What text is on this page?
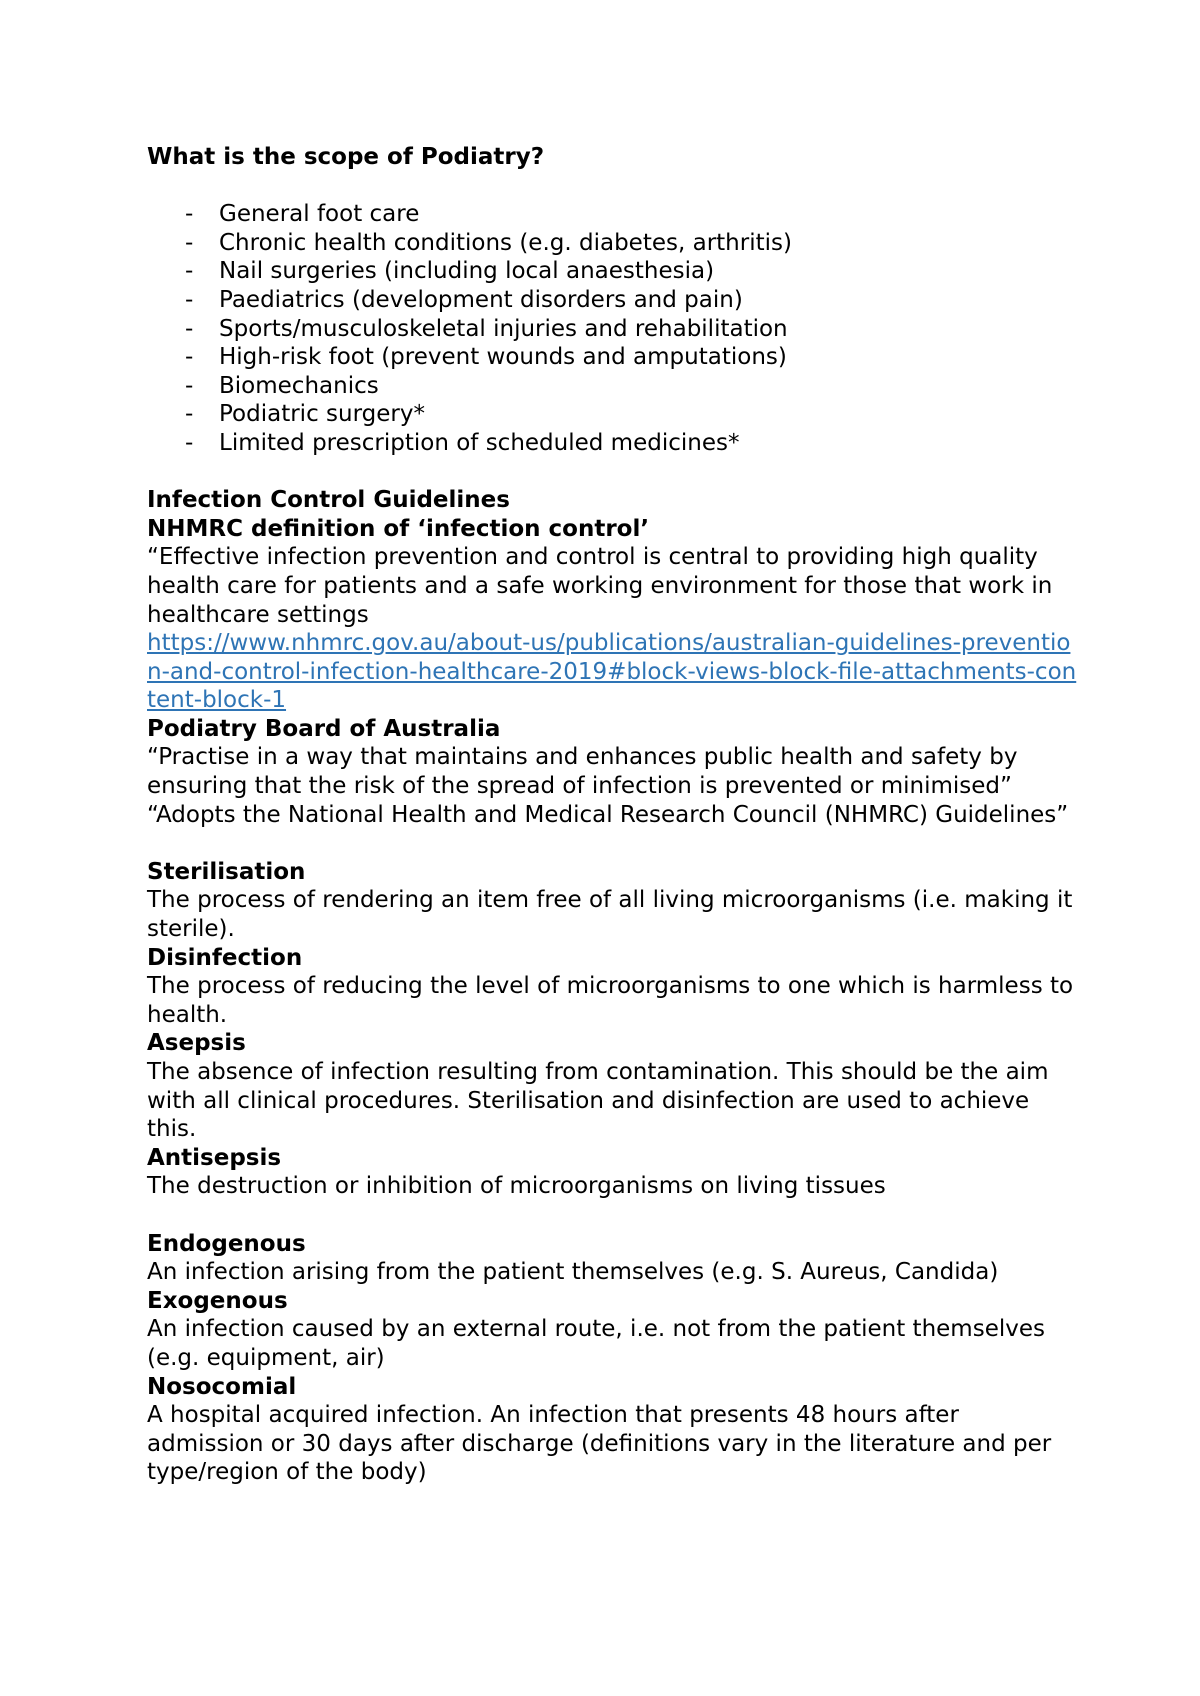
What is the scope of Podiatry?

- General foot care
- Chronic health conditions (e.g. diabetes, arthritis)
- Nail surgeries (including local anaesthesia)
- Paediatrics (development disorders and pain)
- Sports/musculoskeletal injuries and rehabilitation
- High-risk foot (prevent wounds and amputations)
- Biomechanics
- Podiatric surgery*
- Limited prescription of scheduled medicines*

Infection Control Guidelines

NHMRC definition of ‘infection control’

“Effective infection prevention and control is central to providing high quality health care for patients and a safe working environment for those that work in healthcare settings

https://www.nhmrc.gov.au/about-us/publications/australian-guidelines-prevention-and-control-infection-healthcare-2019#block-views-block-file-attachments-content-block-1

Podiatry Board of Australia

“Practise in a way that maintains and enhances public health and safety by ensuring that the risk of the spread of infection is prevented or minimised”

“Adopts the National Health and Medical Research Council (NHMRC) Guidelines”

Sterilisation

The process of rendering an item free of all living microorganisms (i.e. making it sterile).

Disinfection

The process of reducing the level of microorganisms to one which is harmless to health.

Asepsis

The absence of infection resulting from contamination. This should be the aim with all clinical procedures. Sterilisation and disinfection are used to achieve this.

Antisepsis

The destruction or inhibition of microorganisms on living tissues

Endogenous

An infection arising from the patient themselves (e.g. S. Aureus, Candida)

Exogenous

An infection caused by an external route, i.e. not from the patient themselves (e.g. equipment, air)

Nosocomial

A hospital acquired infection. An infection that presents 48 hours after admission or 30 days after discharge (definitions vary in the literature and per type/region of the body)
